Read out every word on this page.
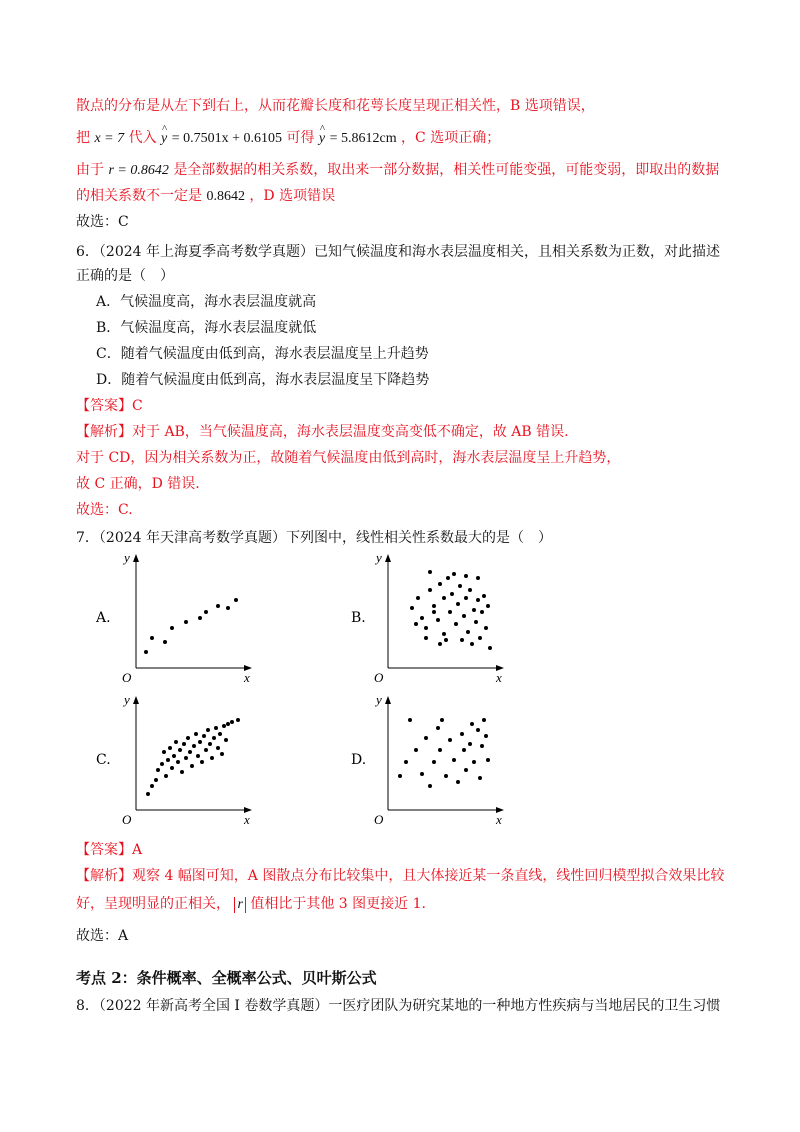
散点的分布是从左下到右上，从而花瓣长度和花萼长度呈现正相关性，B 选项错误，
把 x = 7 代入 ^ y = 0.7501x + 0.6105 可得 ^ y = 5.8612cm ，C 选项正确；
由于 r = 0.8642 是全部数据的相关系数，取出来一部分数据，相关性可能变强，可能变弱，即取出的数据
的相关系数不一定是 0.8642 ，D 选项错误
故选：C
6．（2024 年上海夏季高考数学真题）已知气候温度和海水表层温度相关，且相关系数为正数，对此描述
正确的是（　）
A．气候温度高，海水表层温度就高
B．气候温度高，海水表层温度就低
C．随着气候温度由低到高，海水表层温度呈上升趋势
D．随着气候温度由低到高，海水表层温度呈下降趋势
【答案】C
【解析】对于 AB，当气候温度高，海水表层温度变高变低不确定，故 AB 错误.
对于 CD，因为相关系数为正，故随着气候温度由低到高时，海水表层温度呈上升趋势，
故 C 正确，D 错误.
故选：C.
7．（2024 年天津高考数学真题）下列图中，线性相关性系数最大的是（　）
A.
y
x
O
B.
y
x
O
C.
y
x
O
D.
y
x
O
【答案】A
【解析】观察 4 幅图可知，A 图散点分布比较集中，且大体接近某一条直线，线性回归模型拟合效果比较
好，呈现明显的正相关， r 值相比于其他 3 图更接近 1.
故选：A
考点 2：条件概率、全概率公式、贝叶斯公式
8．（2022 年新高考全国 I 卷数学真题）一医疗团队为研究某地的一种地方性疾病与当地居民的卫生习惯
